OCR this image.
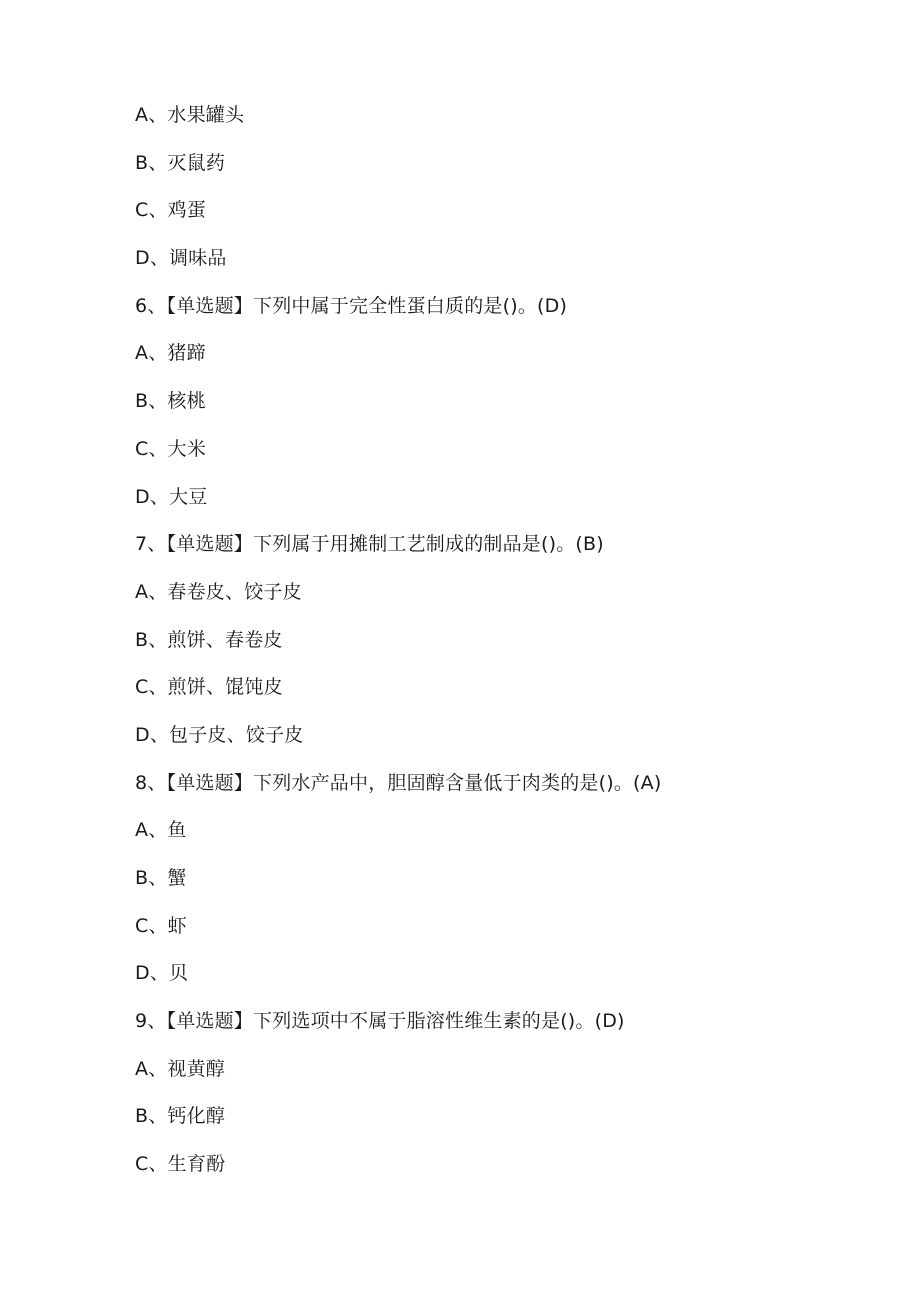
A、水果罐头
B、灭鼠药
C、鸡蛋
D、调味品
6、【单选题】下列中属于完全性蛋白质的是()。(D)
A、猪蹄
B、核桃
C、大米
D、大豆
7、【单选题】下列属于用摊制工艺制成的制品是()。(B)
A、春卷皮、饺子皮
B、煎饼、春卷皮
C、煎饼、馄饨皮
D、包子皮、饺子皮
8、【单选题】下列水产品中，胆固醇含量低于肉类的是()。(A)
A、鱼
B、蟹
C、虾
D、贝
9、【单选题】下列选项中不属于脂溶性维生素的是()。(D)
A、视黄醇
B、钙化醇
C、生育酚
